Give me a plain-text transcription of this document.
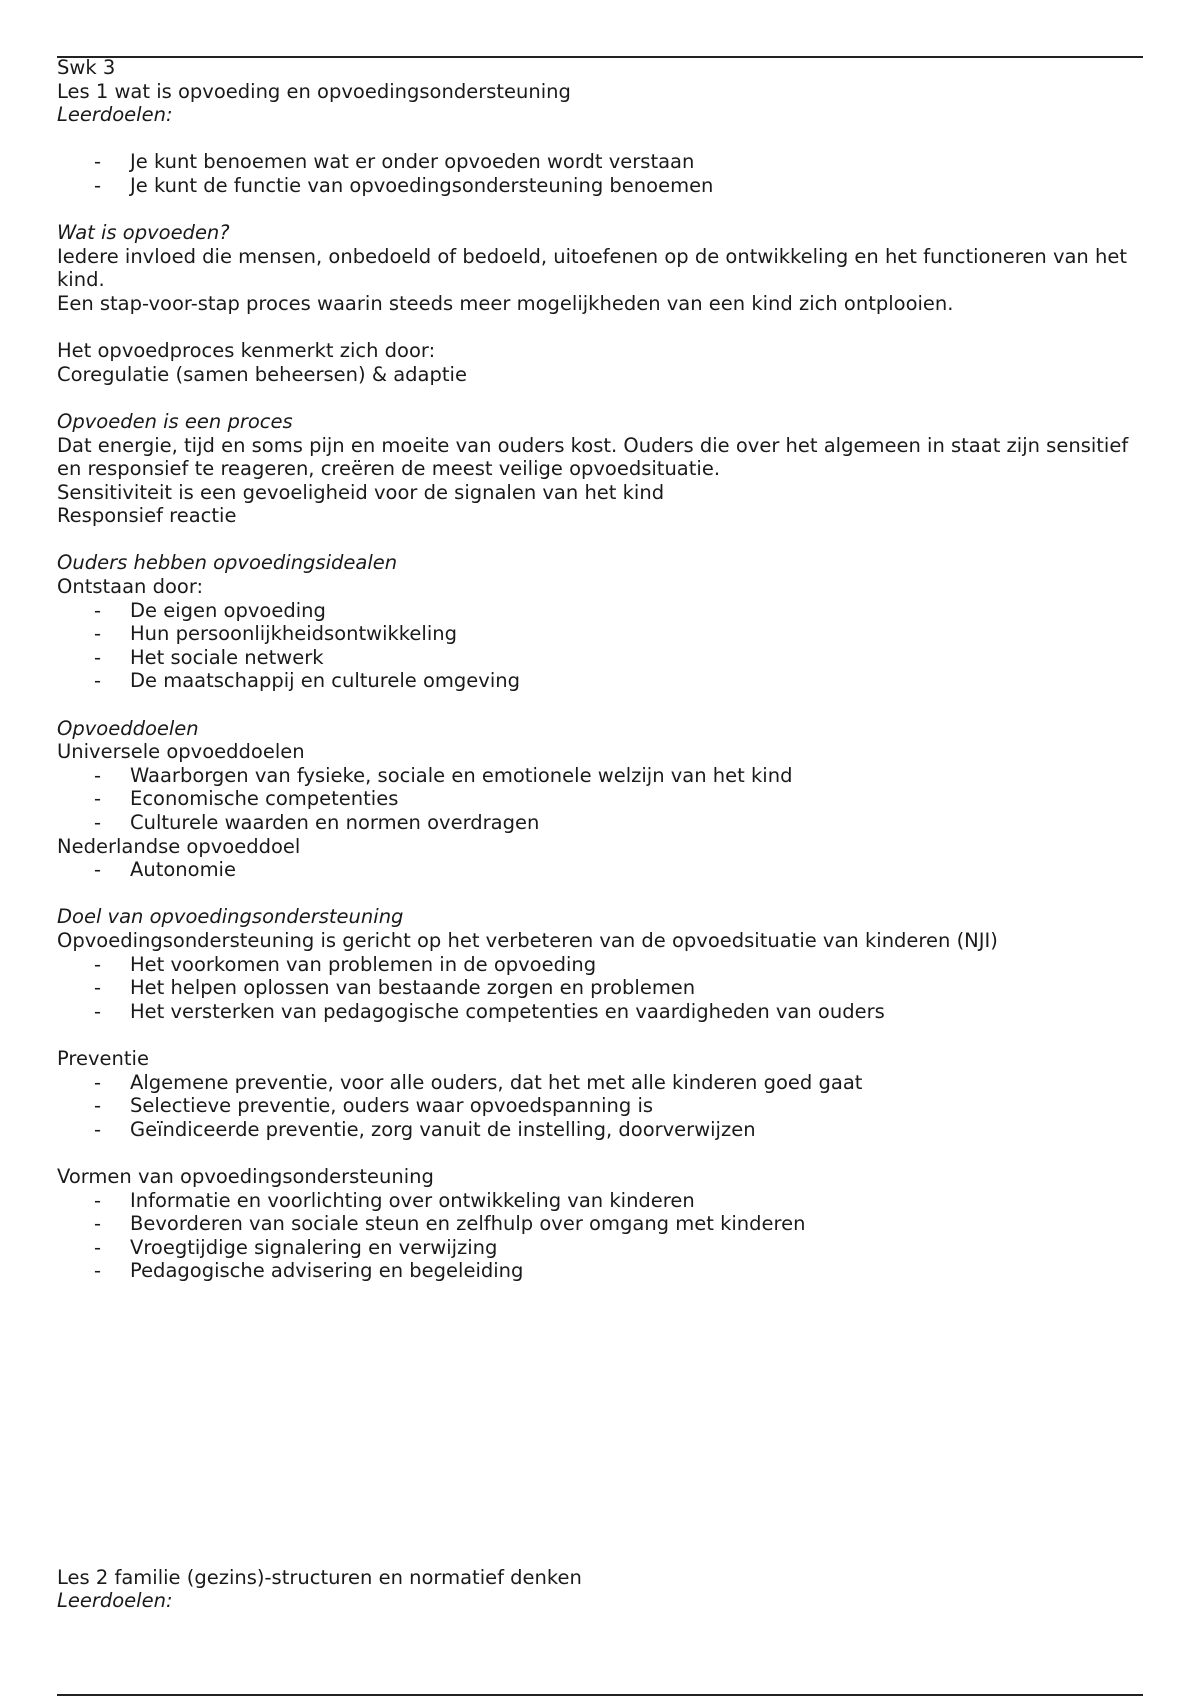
Swk 3
Les 1 wat is opvoeding en opvoedingsondersteuning
Leerdoelen:
- Je kunt benoemen wat er onder opvoeden wordt verstaan
- Je kunt de functie van opvoedingsondersteuning benoemen
Wat is opvoeden?
Iedere invloed die mensen, onbedoeld of bedoeld, uitoefenen op de ontwikkeling en het functioneren van het kind.
Een stap-voor-stap proces waarin steeds meer mogelijkheden van een kind zich ontplooien.
Het opvoedproces kenmerkt zich door:
Coregulatie (samen beheersen) & adaptie
Opvoeden is een proces
Dat energie, tijd en soms pijn en moeite van ouders kost. Ouders die over het algemeen in staat zijn sensitief en responsief te reageren, creëren de meest veilige opvoedsituatie.
Sensitiviteit is een gevoeligheid voor de signalen van het kind
Responsief reactie
Ouders hebben opvoedingsidealen
Ontstaan door:
- De eigen opvoeding
- Hun persoonlijkheidsontwikkeling
- Het sociale netwerk
- De maatschappij en culturele omgeving
Opvoeddoelen
Universele opvoeddoelen
- Waarborgen van fysieke, sociale en emotionele welzijn van het kind
- Economische competenties
- Culturele waarden en normen overdragen
Nederlandse opvoeddoel
- Autonomie
Doel van opvoedingsondersteuning
Opvoedingsondersteuning is gericht op het verbeteren van de opvoedsituatie van kinderen (NJI)
- Het voorkomen van problemen in de opvoeding
- Het helpen oplossen van bestaande zorgen en problemen
- Het versterken van pedagogische competenties en vaardigheden van ouders
Preventie
- Algemene preventie, voor alle ouders, dat het met alle kinderen goed gaat
- Selectieve preventie, ouders waar opvoedspanning is
- Geïndiceerde preventie, zorg vanuit de instelling, doorverwijzen
Vormen van opvoedingsondersteuning
- Informatie en voorlichting over ontwikkeling van kinderen
- Bevorderen van sociale steun en zelfhulp over omgang met kinderen
- Vroegtijdige signalering en verwijzing
- Pedagogische advisering en begeleiding
Les 2 familie (gezins)-structuren en normatief denken
Leerdoelen:
